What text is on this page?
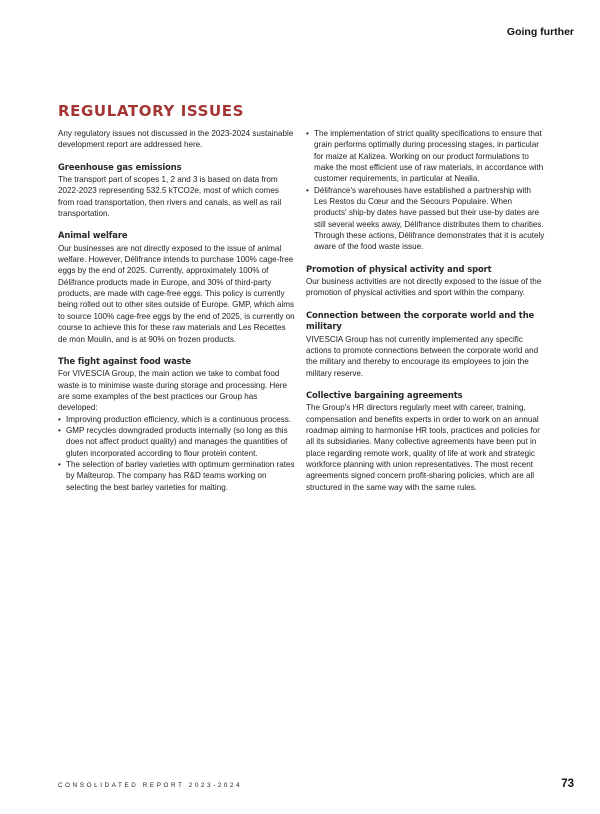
Going further
REGULATORY ISSUES

Any regulatory issues not discussed in the 2023-2024 sustainable development report are addressed here.

Greenhouse gas emissions

The transport part of scopes 1, 2 and 3 is based on data from 2022-2023 representing 532.5 kTCO2e, most of which comes from road transportation, then rivers and canals, as well as rail transportation.

Animal welfare

Our businesses are not directly exposed to the issue of animal welfare. However, Délifrance intends to purchase 100% cage-free eggs by the end of 2025. Currently, approximately 100% of Délifrance products made in Europe, and 30% of third-party products, are made with cage-free eggs. This policy is currently being rolled out to other sites outside of Europe. GMP, which aims to source 100% cage-free eggs by the end of 2025, is currently on course to achieve this for these raw materials and Les Recettes de mon Moulin, and is at 90% on frozen products.

The fight against food waste

For VIVESCIA Group, the main action we take to combat food waste is to minimise waste during storage and processing. Here are some examples of the best practices our Group has developed:

• Improving production efficiency, which is a continuous process.
• GMP recycles downgraded products internally (so long as this does not affect product quality) and manages the quantities of gluten incorporated according to flour protein content.
• The selection of barley varieties with optimum germination rates by Malteurop. The company has R&D teams working on selecting the best barley varieties for malting.
• The implementation of strict quality specifications to ensure that grain performs optimally during processing stages, in particular for maize at Kalizea. Working on our product formulations to make the most efficient use of raw materials, in accordance with customer requirements, in particular at Nealia.
• Délifrance's warehouses have established a partnership with Les Restos du Cœur and the Secours Populaire. When products' ship-by dates have passed but their use-by dates are still several weeks away, Délifrance distributes them to charities. Through these actions, Délifrance demonstrates that it is acutely aware of the food waste issue.
Promotion of physical activity and sport

Our business activities are not directly exposed to the issue of the promotion of physical activities and sport within the company.

Connection between the corporate world and the military

VIVESCIA Group has not currently implemented any specific actions to promote connections between the corporate world and the military and thereby to encourage its employees to join the military reserve.

Collective bargaining agreements

The Group's HR directors regularly meet with career, training, compensation and benefits experts in order to work on an annual roadmap aiming to harmonise HR tools, practices and policies for all its subsidiaries. Many collective agreements have been put in place regarding remote work, quality of life at work and strategic workforce planning with union representatives. The most recent agreements signed concern profit-sharing policies, which are all structured in the same way with the same rules.

CONSOLIDATED REPORT 2023-2024	73
